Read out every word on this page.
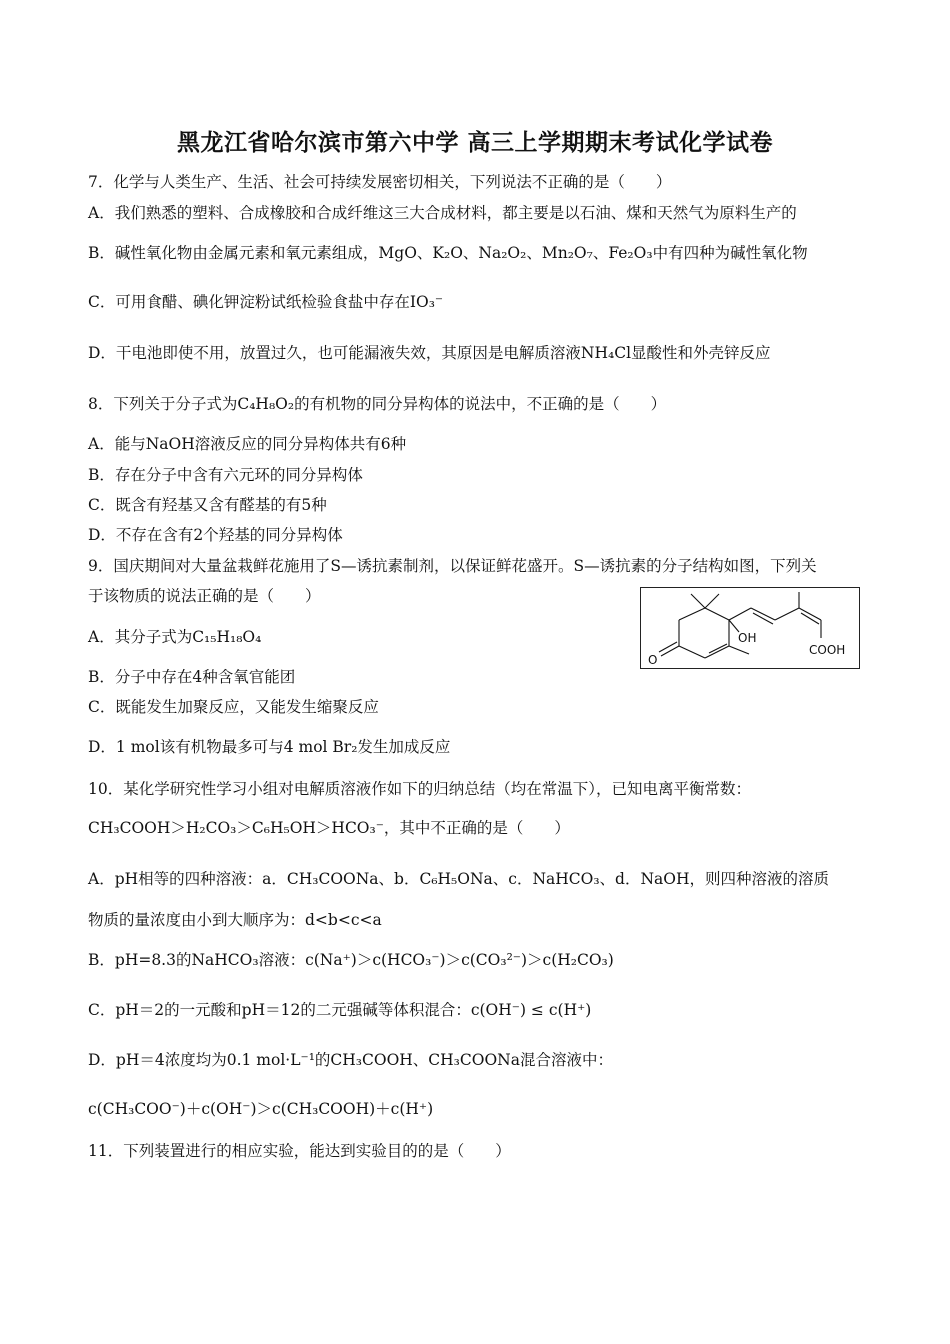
黑龙江省哈尔滨市第六中学 高三上学期期末考试化学试卷
7．化学与人类生产、生活、社会可持续发展密切相关，下列说法不正确的是（　　）
A．我们熟悉的塑料、合成橡胶和合成纤维这三大合成材料，都主要是以石油、煤和天然气为原料生产的
B．碱性氧化物由金属元素和氧元素组成，MgO、K₂O、Na₂O₂、Mn₂O₇、Fe₂O₃中有四种为碱性氧化物
C．可用食醋、碘化钾淀粉试纸检验食盐中存在IO₃⁻
D．干电池即使不用，放置过久，也可能漏液失效，其原因是电解质溶液NH₄Cl显酸性和外壳锌反应
8．下列关于分子式为C₄H₈O₂的有机物的同分异构体的说法中，不正确的是（　　）
A．能与NaOH溶液反应的同分异构体共有6种
B．存在分子中含有六元环的同分异构体
C．既含有羟基又含有醛基的有5种
D．不存在含有2个羟基的同分异构体
9．国庆期间对大量盆栽鲜花施用了S—诱抗素制剂，以保证鲜花盛开。S—诱抗素的分子结构如图，下列关
于该物质的说法正确的是（　　）
A．其分子式为C₁₅H₁₈O₄
B．分子中存在4种含氧官能团
C．既能发生加聚反应，又能发生缩聚反应
D．1 mol该有机物最多可与4 mol Br₂发生加成反应
OH
COOH
O
10．某化学研究性学习小组对电解质溶液作如下的归纳总结（均在常温下），已知电离平衡常数：
CH₃COOH＞H₂CO₃＞C₆H₅OH＞HCO₃⁻，其中不正确的是（　　）
A．pH相等的四种溶液：a．CH₃COONa、b．C₆H₅ONa、c．NaHCO₃、d．NaOH，则四种溶液的溶质
物质的量浓度由小到大顺序为：d<b<c<a
B．pH=8.3的NaHCO₃溶液：c(Na⁺)＞c(HCO₃⁻)＞c(CO₃²⁻)＞c(H₂CO₃)
C．pH＝2的一元酸和pH＝12的二元强碱等体积混合：c(OH⁻) ≤ c(H⁺)
D．pH＝4浓度均为0.1 mol·L⁻¹的CH₃COOH、CH₃COONa混合溶液中：
c(CH₃COO⁻)＋c(OH⁻)＞c(CH₃COOH)＋c(H⁺)
11．下列装置进行的相应实验，能达到实验目的的是（　　）
